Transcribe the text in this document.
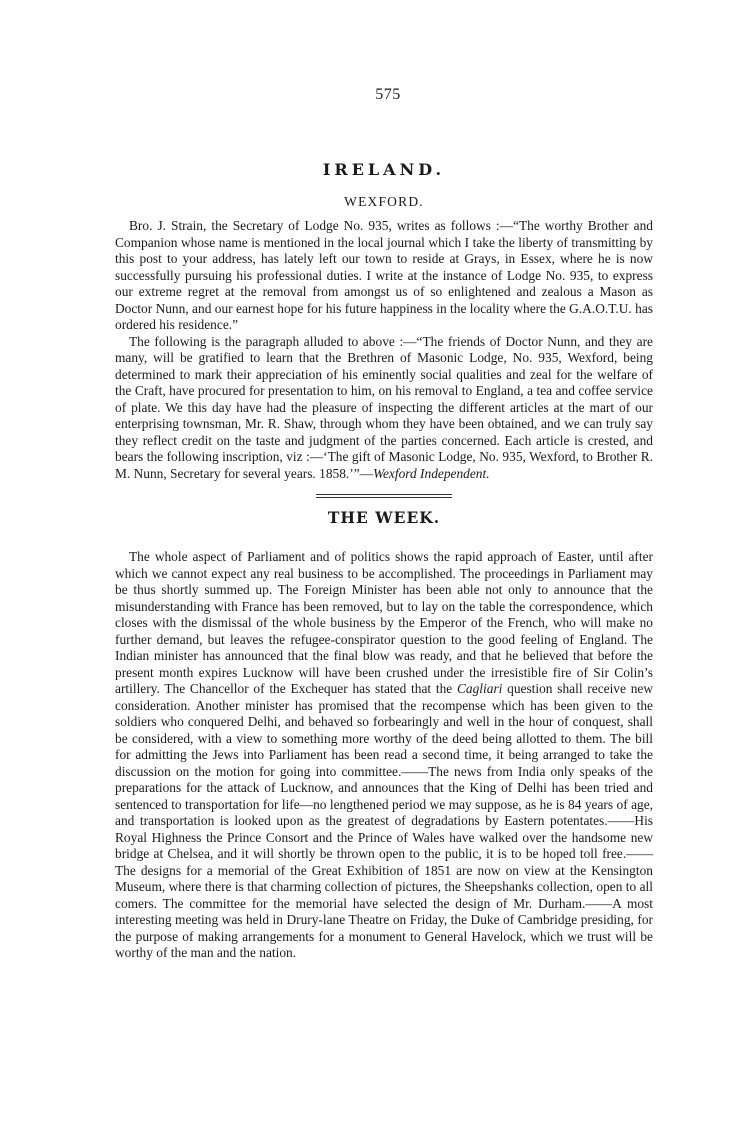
575
IRELAND.
WEXFORD.

Bro. J. Strain, the Secretary of Lodge No. 935, writes as follows :—“The worthy Brother and Companion whose name is mentioned in the local journal which I take the liberty of transmitting by this post to your address, has lately left our town to reside at Grays, in Essex, where he is now successfully pursuing his professional duties. I write at the instance of Lodge No. 935, to express our extreme regret at the removal from amongst us of so enlightened and zealous a Mason as Doctor Nunn, and our earnest hope for his future happiness in the locality where the G.A.O.T.U. has ordered his residence.”

The following is the paragraph alluded to above :—“The friends of Doctor Nunn, and they are many, will be gratified to learn that the Brethren of Masonic Lodge, No. 935, Wexford, being determined to mark their appreciation of his eminently social qualities and zeal for the welfare of the Craft, have procured for presentation to him, on his removal to England, a tea and coffee service of plate. We this day have had the pleasure of inspecting the different articles at the mart of our enterprising townsman, Mr. R. Shaw, through whom they have been obtained, and we can truly say they reflect credit on the taste and judgment of the parties concerned. Each article is crested, and bears the following inscription, viz :—‘The gift of Masonic Lodge, No. 935, Wexford, to Brother R. M. Nunn, Secretary for several years. 1858.’”—Wexford Independent.

THE WEEK.

The whole aspect of Parliament and of politics shows the rapid approach of Easter, until after which we cannot expect any real business to be accomplished. The proceedings in Parliament may be thus shortly summed up. The Foreign Minister has been able not only to announce that the misunderstanding with France has been removed, but to lay on the table the correspondence, which closes with the dismissal of the whole business by the Emperor of the French, who will make no further demand, but leaves the refugee-conspirator question to the good feeling of England. The Indian minister has announced that the final blow was ready, and that he believed that before the present month expires Lucknow will have been crushed under the irresistible fire of Sir Colin’s artillery. The Chancellor of the Exchequer has stated that the Cagliari question shall receive new consideration. Another minister has promised that the recompense which has been given to the soldiers who conquered Delhi, and behaved so forbearingly and well in the hour of conquest, shall be considered, with a view to something more worthy of the deed being allotted to them. The bill for admitting the Jews into Parliament has been read a second time, it being arranged to take the discussion on the motion for going into committee.——The news from India only speaks of the preparations for the attack of Lucknow, and announces that the King of Delhi has been tried and sentenced to transportation for life—no lengthened period we may suppose, as he is 84 years of age, and transportation is looked upon as the greatest of degradations by Eastern potentates.——His Royal Highness the Prince Consort and the Prince of Wales have walked over the handsome new bridge at Chelsea, and it will shortly be thrown open to the public, it is to be hoped toll free.——The designs for a memorial of the Great Exhibition of 1851 are now on view at the Kensington Museum, where there is that charming collection of pictures, the Sheepshanks collection, open to all comers. The committee for the memorial have selected the design of Mr. Durham.——A most interesting meeting was held in Drury-lane Theatre on Friday, the Duke of Cambridge presiding, for the purpose of making arrangements for a monument to General Havelock, which we trust will be worthy of the man and the nation.
